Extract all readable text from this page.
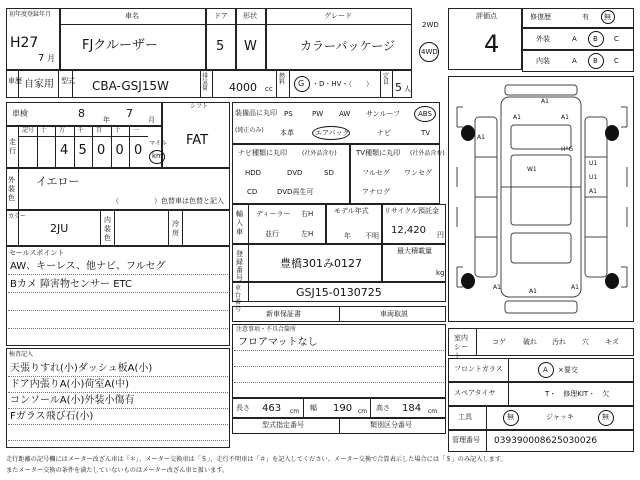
初年度登録年月
H27
7 月
車名
FJクルーザー
ドア
5
形状
W
グレード
カラーパッケージ
2WD
4WD
車歴 自家用 型式 CBA-GSJ15W
排気量 4000 cc
燃料 G ・D・HV・（　　）
定員 5 人
車検	8	年 7 月
シフト
FAT
走行
記号 十 万 千 百 十 一
4 5 0 0 0 マイル
km
外装色
イエロー
（　　　　　）色替車は色替と記入
カラー
2JU
内装色
冷房
セールスポイント
AW、キーレス、他ナビ、フルセグ
Bカメ 障害物センサー ETC
検査記入
天張りすれ(小)ダッシュ板A(小)
ドア内張りA(小)荷室A(中)
コンソールA(小)外装小傷有
Fガラス飛び石(小)
装備品に丸印
(純正のみ)
PS	PW AW サンルーフ	ABS
本革	エアバック	ナビ	TV
ナビ種類に丸印	(社外品含む)
HDD	DVD	SD
CD	DVD再生可
TV種類に丸印 (社外品含む)
フルセグ ワンセグ
アナログ
輸入車
ディーラー
並行
右H
左H
モデル年式
年　　不明
リサイクル預託金
12,420 円
登録番号
豊橋301み0127
最大積載量
kg
車台番号
GSJ15-0130725
新車保証書	車両取説
注意事項・不具合箇所
フロアマットなし
長さ 463 cm 幅 190 cm 高さ 184 cm
型式指定番号	類別区分番号
評価点
4
修復歴	有 無
外装	A B C
内装	A B C
A1
A1
A1
A1
H°G
W1
U1
U1
A1
A1
A1
A1
室内シート
コゲ 破れ 汚れ 穴 キズ
フロントガラス	A ×要交
スペアタイヤ	T・　修理KIT・　欠
工具	無	ジャッキ	無
管理番号 039390008625030026
走行距離の記号欄にはメーター改ざん車は「＊」、メーター交換車は「＄」、走行不明車は「＃」を記入してください。メーター交換で合算表示した場合には「＄」のみ記入します。
またメーター交換の条件を満たしていないものはメーター改ざん車と扱います。
